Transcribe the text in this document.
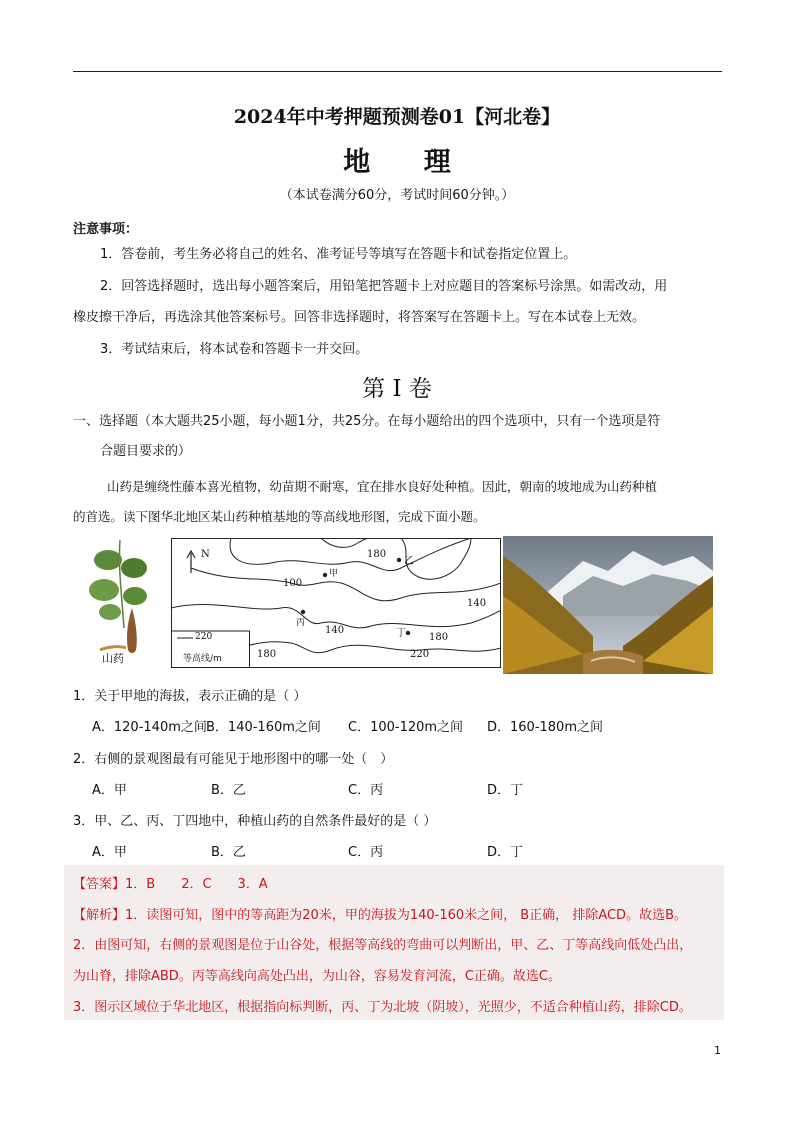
2024年中考押题预测卷01【河北卷】
地 理
（本试卷满分60分，考试时间60分钟。）
注意事项：
1．答卷前，考生务必将自己的姓名、准考证号等填写在答题卡和试卷指定位置上。
2．回答选择题时，选出每小题答案后，用铅笔把答题卡上对应题目的答案标号涂黑。如需改动，用
橡皮擦干净后，再选涂其他答案标号。回答非选择题时，将答案写在答题卡上。写在本试卷上无效。
3．考试结束后，将本试卷和答题卡一并交回。
第 I 卷
一、选择题（本大题共25小题，每小题1分，共25分。在每小题给出的四个选项中，只有一个选项是符
合题目要求的）
山药是缠绕性藤本喜光植物，幼苗期不耐寒，宜在排水良好处种植。因此，朝南的坡地成为山药种植
的首选。读下图华北地区某山药种植基地的等高线地形图，完成下面小题。
山药
N
甲
乙
丙
丁
100
140
140
180
180
180
220
220
等高线/m
1．关于甲地的海拔，表示正确的是（ ）
A．120-140m之间 B．140-160m之间 C．100-120m之间 D．160-180m之间
2．右侧的景观图最有可能见于地形图中的哪一处（　）
A．甲	B．乙	C．丙	D．丁
3．甲、乙、丙、丁四地中，种植山药的自然条件最好的是（ ）
A．甲	B．乙	C．丙	D．丁
【答案】1．B　　2．C　　3．A
【解析】1．读图可知，图中的等高距为20米，甲的海拔为140-160米之间， B正确， 排除ACD。故选B。
2．由图可知，右侧的景观图是位于山谷处，根据等高线的弯曲可以判断出，甲、乙、丁等高线向低处凸出，
为山脊，排除ABD。丙等高线向高处凸出，为山谷，容易发育河流，C正确。故选C。
3．图示区域位于华北地区，根据指向标判断，丙、丁为北坡（阴坡），光照少，不适合种植山药，排除CD。
1
